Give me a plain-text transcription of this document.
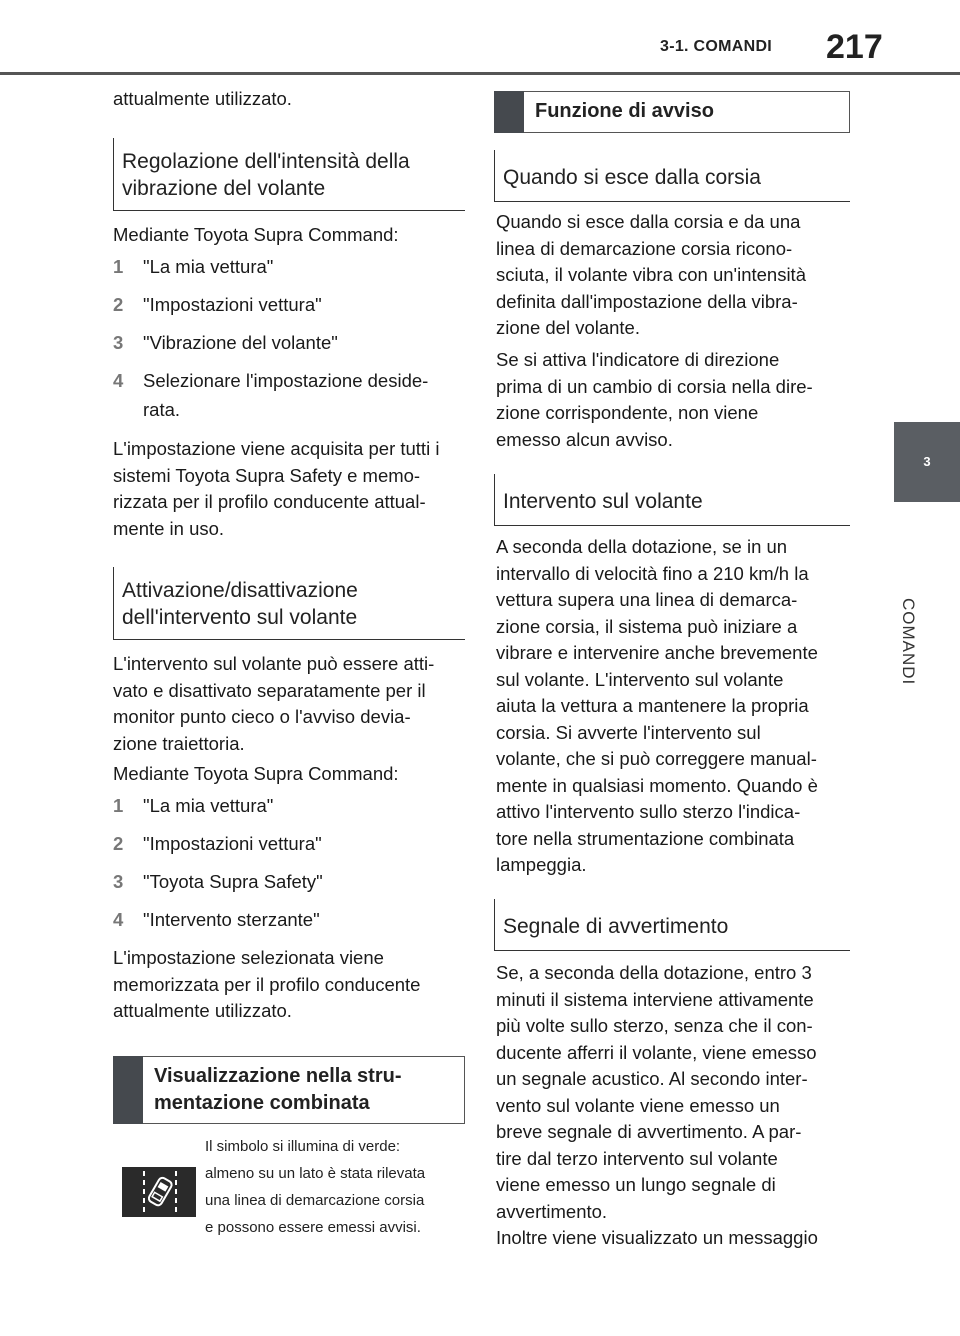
3-1. COMANDI 217
3
COMANDI
attualmente utilizzato.
Regolazione dell'intensità della
vibrazione del volante
Mediante Toyota Supra Command:
1 "La mia vettura"
2 "Impostazioni vettura"
3 "Vibrazione del volante"
4 Selezionare l'impostazione deside-
rata.
L'impostazione viene acquisita per tutti i
sistemi Toyota Supra Safety e memo-
rizzata per il profilo conducente attual-
mente in uso.
Attivazione/disattivazione
dell'intervento sul volante
L'intervento sul volante può essere atti-
vato e disattivato separatamente per il
monitor punto cieco o l'avviso devia-
zione traiettoria.
Mediante Toyota Supra Command:
1 "La mia vettura"
2 "Impostazioni vettura"
3 "Toyota Supra Safety"
4 "Intervento sterzante"
L'impostazione selezionata viene
memorizzata per il profilo conducente
attualmente utilizzato.
Visualizzazione nella stru-
mentazione combinata
Il simbolo si illumina di verde:
almeno su un lato è stata rilevata
una linea di demarcazione corsia
e possono essere emessi avvisi.
Funzione di avviso
Quando si esce dalla corsia
Quando si esce dalla corsia e da una
linea di demarcazione corsia ricono-
sciuta, il volante vibra con un'intensità
definita dall'impostazione della vibra-
zione del volante.
Se si attiva l'indicatore di direzione
prima di un cambio di corsia nella dire-
zione corrispondente, non viene
emesso alcun avviso.
Intervento sul volante
A seconda della dotazione, se in un
intervallo di velocità fino a 210 km/h la
vettura supera una linea di demarca-
zione corsia, il sistema può iniziare a
vibrare e intervenire anche brevemente
sul volante. L'intervento sul volante
aiuta la vettura a mantenere la propria
corsia. Si avverte l'intervento sul
volante, che si può correggere manual-
mente in qualsiasi momento. Quando è
attivo l'intervento sullo sterzo l'indica-
tore nella strumentazione combinata
lampeggia.
Segnale di avvertimento
Se, a seconda della dotazione, entro 3
minuti il sistema interviene attivamente
più volte sullo sterzo, senza che il con-
ducente afferri il volante, viene emesso
un segnale acustico. Al secondo inter-
vento sul volante viene emesso un
breve segnale di avvertimento. A par-
tire dal terzo intervento sul volante
viene emesso un lungo segnale di
avvertimento.
Inoltre viene visualizzato un messaggio
